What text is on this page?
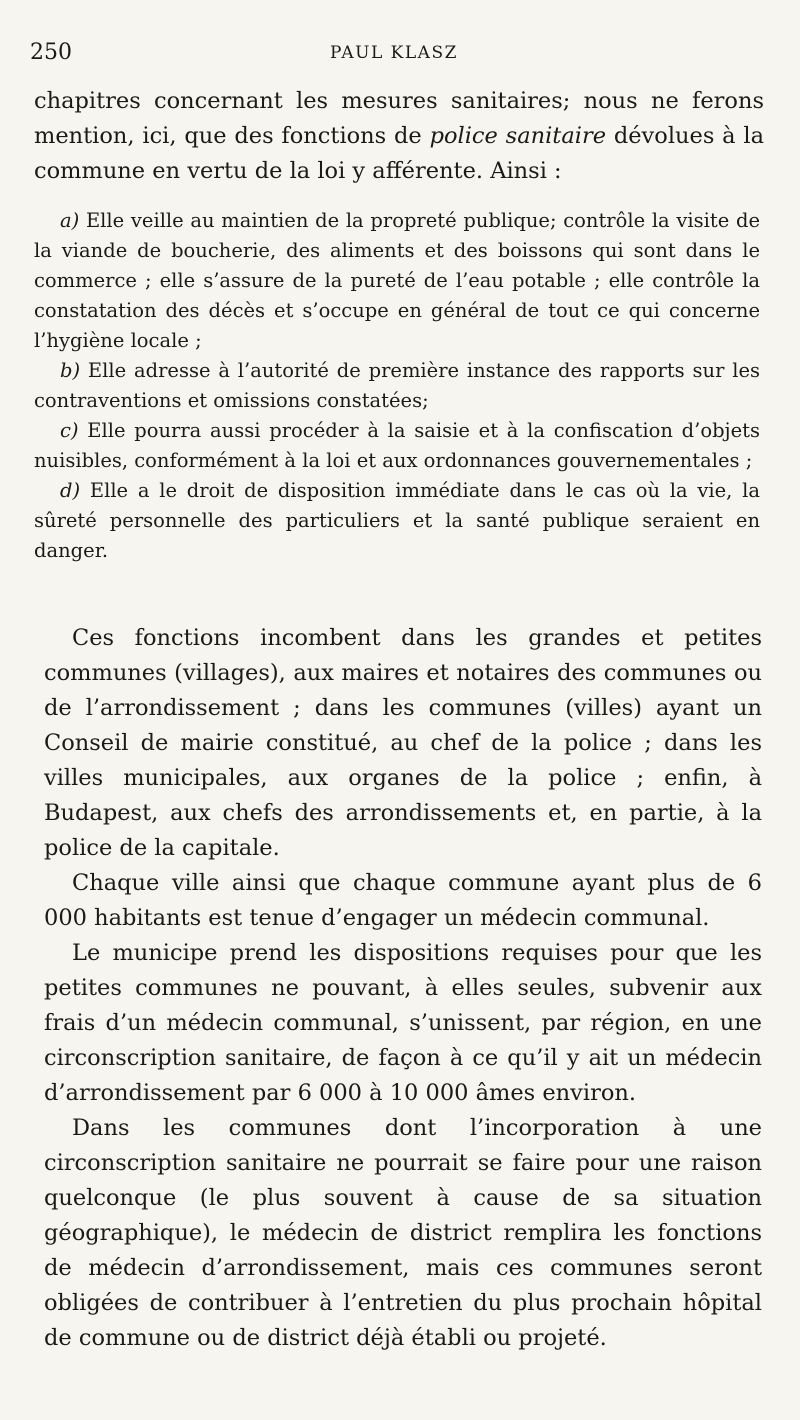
250	PAUL KLASZ
chapitres concernant les mesures sanitaires; nous ne ferons mention, ici, que des fonctions de police sanitaire dévolues à la commune en vertu de la loi y afférente. Ainsi :

a) Elle veille au maintien de la propreté publique; contrôle la visite de la viande de boucherie, des aliments et des boissons qui sont dans le commerce ; elle s’assure de la pureté de l’eau potable ; elle contrôle la constatation des décès et s’occupe en général de tout ce qui concerne l’hygiène locale ;

b) Elle adresse à l’autorité de première instance des rapports sur les contraventions et omissions constatées;

c) Elle pourra aussi procéder à la saisie et à la confiscation d’objets nuisibles, conformément à la loi et aux ordonnances gouvernementales ;

d) Elle a le droit de disposition immédiate dans le cas où la vie, la sûreté personnelle des particuliers et la santé publique seraient en danger.

Ces fonctions incombent dans les grandes et petites communes (villages), aux maires et notaires des communes ou de l’arrondissement ; dans les communes (villes) ayant un Conseil de mairie constitué, au chef de la police ; dans les villes municipales, aux organes de la police ; enfin, à Budapest, aux chefs des arrondissements et, en partie, à la police de la capitale.

Chaque ville ainsi que chaque commune ayant plus de 6 000 habitants est tenue d’engager un médecin communal.

Le municipe prend les dispositions requises pour que les petites communes ne pouvant, à elles seules, subvenir aux frais d’un médecin communal, s’unissent, par région, en une circonscription sanitaire, de façon à ce qu’il y ait un médecin d’arrondissement par 6 000 à 10 000 âmes environ.

Dans les communes dont l’incorporation à une circonscription sanitaire ne pourrait se faire pour une raison quelconque (le plus souvent à cause de sa situation géographique), le médecin de district remplira les fonctions de médecin d’arrondissement, mais ces communes seront obligées de contribuer à l’entretien du plus prochain hôpital de commune ou de district déjà établi ou projeté.
